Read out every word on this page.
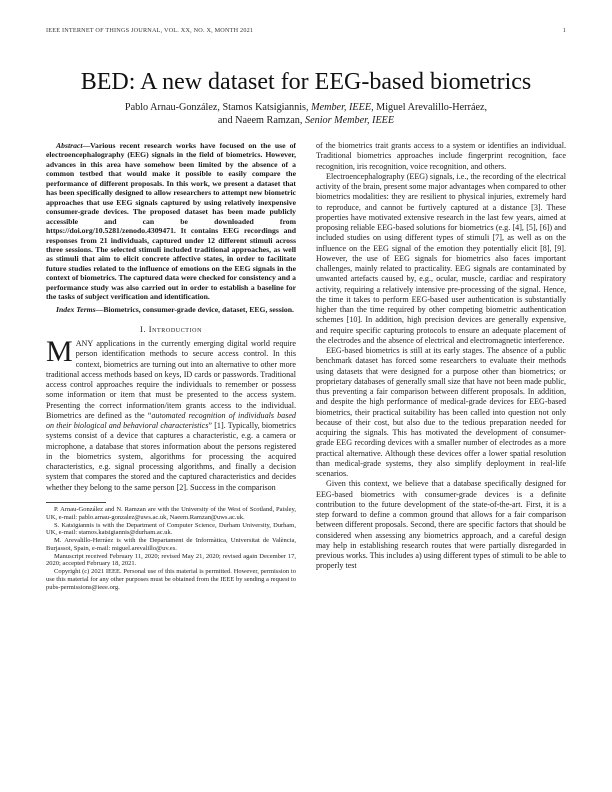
IEEE INTERNET OF THINGS JOURNAL, VOL. XX, NO. X, MONTH 2021	1
BED: A new dataset for EEG-based biometrics
Pablo Arnau-González, Stamos Katsigiannis, Member, IEEE, Miguel Arevalillo-Herráez,
and Naeem Ramzan, Senior Member, IEEE

Abstract—Various recent research works have focused on the use of electroencephalography (EEG) signals in the field of biometrics. However, advances in this area have somehow been limited by the absence of a common testbed that would make it possible to easily compare the performance of different proposals. In this work, we present a dataset that has been specifically designed to allow researchers to attempt new biometric approaches that use EEG signals captured by using relatively inexpensive consumer-grade devices. The proposed dataset has been made publicly accessible and can be downloaded from https://doi.org/10.5281/zenodo.4309471. It contains EEG recordings and responses from 21 individuals, captured under 12 different stimuli across three sessions. The selected stimuli included traditional approaches, as well as stimuli that aim to elicit concrete affective states, in order to facilitate future studies related to the influence of emotions on the EEG signals in the context of biometrics. The captured data were checked for consistency and a performance study was also carried out in order to establish a baseline for the tasks of subject verification and identification.

Index Terms—Biometrics, consumer-grade device, dataset, EEG, session.

I. Introduction

MANY applications in the currently emerging digital world require person identification methods to secure access control. In this context, biometrics are turning out into an alternative to other more traditional access methods based on keys, ID cards or passwords. Traditional access control approaches require the individuals to remember or possess some information or item that must be presented to the access system. Presenting the correct information/item grants access to the individual. Biometrics are defined as the “automated recognition of individuals based on their biological and behavioral characteristics” [1]. Typically, biometrics systems consist of a device that captures a characteristic, e.g. a camera or microphone, a database that stores information about the persons registered in the biometrics system, algorithms for processing the acquired characteristics, e.g. signal processing algorithms, and finally a decision system that compares the stored and the captured characteristics and decides whether they belong to the same person [2]. Success in the comparison

P. Arnau-González and N. Ramzan are with the University of the West of Scotland, Paisley, UK, e-mail: pablo.arnau-gonzalez@uws.ac.uk, Naeem.Ramzan@uws.ac.uk.

S. Katsigiannis is with the Department of Computer Science, Durham University, Durham, UK, e-mail: stamos.katsigiannis@durham.ac.uk.

M. Arevalillo-Herráez is with the Departament de Informàtica, Universitat de València, Burjassot, Spain, e-mail: miguel.arevalillo@uv.es.

Manuscript received February 11, 2020; revised May 21, 2020; revised again December 17, 2020; accepted February 18, 2021.

Copyright (c) 2021 IEEE. Personal use of this material is permitted. However, permission to use this material for any other purposes must be obtained from the IEEE by sending a request to pubs-permissions@ieee.org.

of the biometrics trait grants access to a system or identifies an individual. Traditional biometrics approaches include fingerprint recognition, face recognition, iris recognition, voice recognition, and others.

Electroencephalography (EEG) signals, i.e., the recording of the electrical activity of the brain, present some major advantages when compared to other biometrics modalities: they are resilient to physical injuries, extremely hard to reproduce, and cannot be furtively captured at a distance [3]. These properties have motivated extensive research in the last few years, aimed at proposing reliable EEG-based solutions for biometrics (e.g. [4], [5], [6]) and included studies on using different types of stimuli [7], as well as on the influence on the EEG signal of the emotion they potentially elicit [8], [9]. However, the use of EEG signals for biometrics also faces important challenges, mainly related to practicality. EEG signals are contaminated by unwanted artefacts caused by, e.g., ocular, muscle, cardiac and respiratory activity, requiring a relatively intensive pre-processing of the signal. Hence, the time it takes to perform EEG-based user authentication is substantially higher than the time required by other competing biometric authentication schemes [10]. In addition, high precision devices are generally expensive, and require specific capturing protocols to ensure an adequate placement of the electrodes and the absence of electrical and electromagnetic interference.

EEG-based biometrics is still at its early stages. The absence of a public benchmark dataset has forced some researchers to evaluate their methods using datasets that were designed for a purpose other than biometrics; or proprietary databases of generally small size that have not been made public, thus preventing a fair comparison between different proposals. In addition, and despite the high performance of medical-grade devices for EEG-based biometrics, their practical suitability has been called into question not only because of their cost, but also due to the tedious preparation needed for acquiring the signals. This has motivated the development of consumer-grade EEG recording devices with a smaller number of electrodes as a more practical alternative. Although these devices offer a lower spatial resolution than medical-grade systems, they also simplify deployment in real-life scenarios.

Given this context, we believe that a database specifically designed for EEG-based biometrics with consumer-grade devices is a definite contribution to the future development of the state-of-the-art. First, it is a step forward to define a common ground that allows for a fair comparison between different proposals. Second, there are specific factors that should be considered when assessing any biometrics approach, and a careful design may help in establishing research routes that were partially disregarded in previous works. This includes a) using different types of stimuli to be able to properly test
